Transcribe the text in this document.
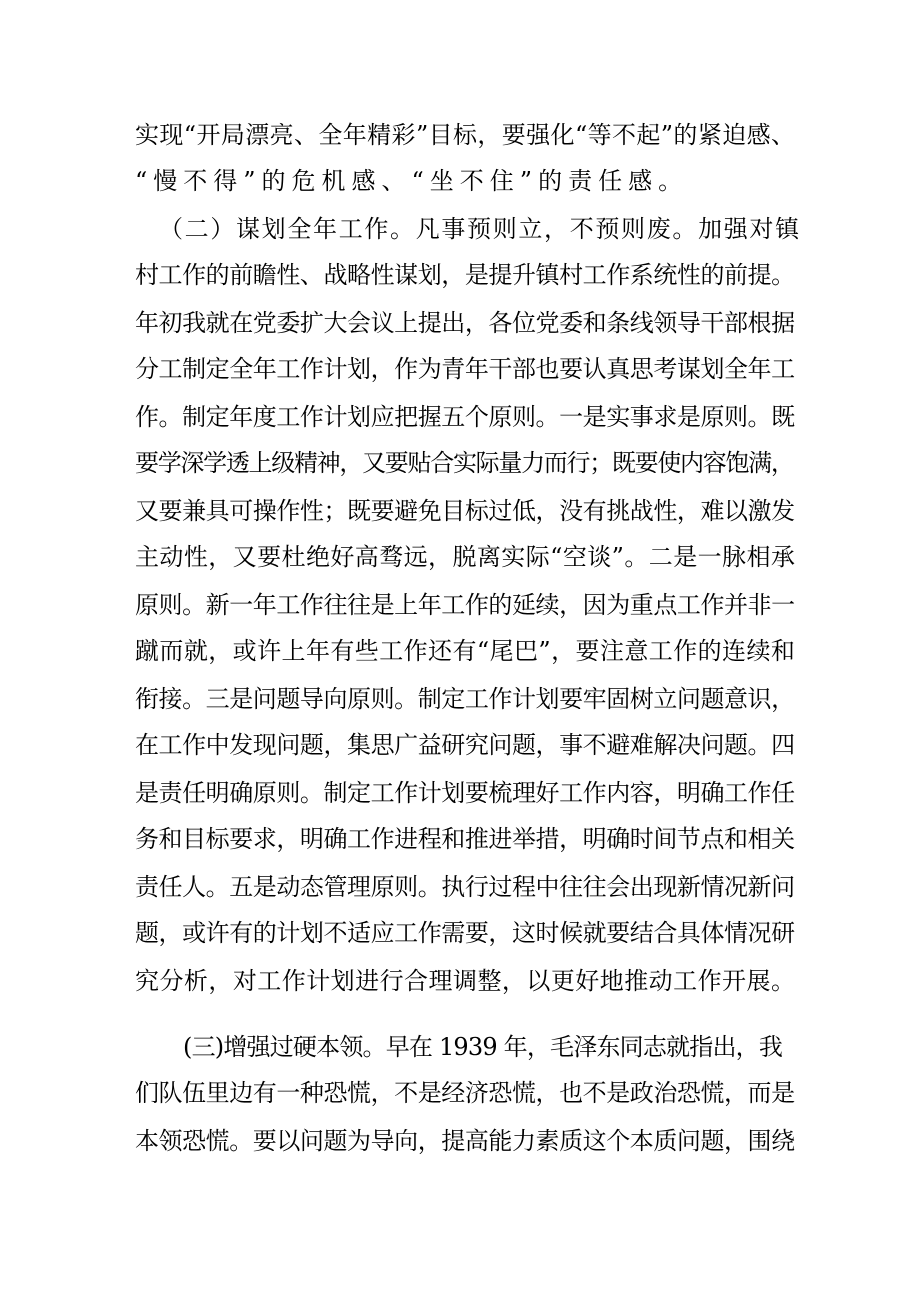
实现“开局漂亮、全年精彩”目标，要强化“等不起”的紧迫感、
“慢不得”的危机感、“坐不住”的责任感。
（二）谋划全年工作。凡事预则立，不预则废。加强对镇
村工作的前瞻性、战略性谋划，是提升镇村工作系统性的前提。
年初我就在党委扩大会议上提出，各位党委和条线领导干部根据
分工制定全年工作计划，作为青年干部也要认真思考谋划全年工
作。制定年度工作计划应把握五个原则。一是实事求是原则。既
要学深学透上级精神，又要贴合实际量力而行；既要使内容饱满，
又要兼具可操作性；既要避免目标过低，没有挑战性，难以激发
主动性，又要杜绝好高骛远，脱离实际“空谈”。二是一脉相承
原则。新一年工作往往是上年工作的延续，因为重点工作并非一
蹴而就，或许上年有些工作还有“尾巴”，要注意工作的连续和
衔接。三是问题导向原则。制定工作计划要牢固树立问题意识，
在工作中发现问题，集思广益研究问题，事不避难解决问题。四
是责任明确原则。制定工作计划要梳理好工作内容，明确工作任
务和目标要求，明确工作进程和推进举措，明确时间节点和相关
责任人。五是动态管理原则。执行过程中往往会出现新情况新问
题，或许有的计划不适应工作需要，这时候就要结合具体情况研
究分析，对工作计划进行合理调整，以更好地推动工作开展。
(三)增强过硬本领。早在 1939 年，毛泽东同志就指出，我
们队伍里边有一种恐慌，不是经济恐慌，也不是政治恐慌，而是
本领恐慌。要以问题为导向，提高能力素质这个本质问题，围绕
